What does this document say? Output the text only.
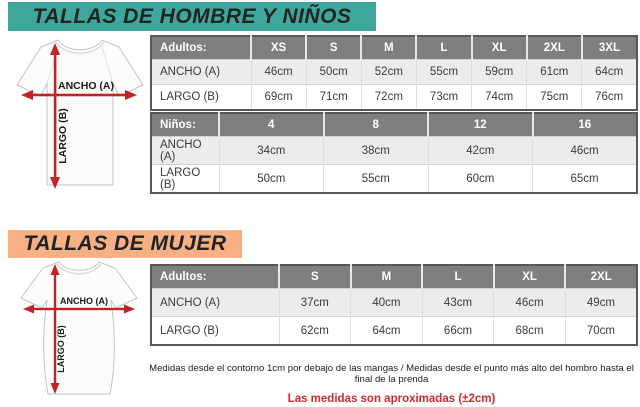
TALLAS DE HOMBRE Y NIÑOS
ANCHO (A)
LARGO (B)
Adultos:	XS	S	M	L	XL	2XL	3XL
ANCHO (A)	46cm	50cm	52cm	55cm	59cm	61cm	64cm
LARGO (B)	69cm	71cm	72cm	73cm	74cm	75cm	76cm
Niños:	4	8	12	16
ANCHO (A)	34cm	38cm	42cm	46cm
LARGO (B)	50cm	55cm	60cm	65cm
TALLAS DE MUJER
ANCHO (A)
LARGO (B)
Adultos:	S	M	L	XL	2XL
ANCHO (A)	37cm	40cm	43cm	46cm	49cm
LARGO (B)	62cm	64cm	66cm	68cm	70cm
Medidas desde el contorno 1cm por debajo de las mangas / Medidas desde el punto más alto del hombro hasta el final de la prenda
Las medidas son aproximadas (±2cm)
